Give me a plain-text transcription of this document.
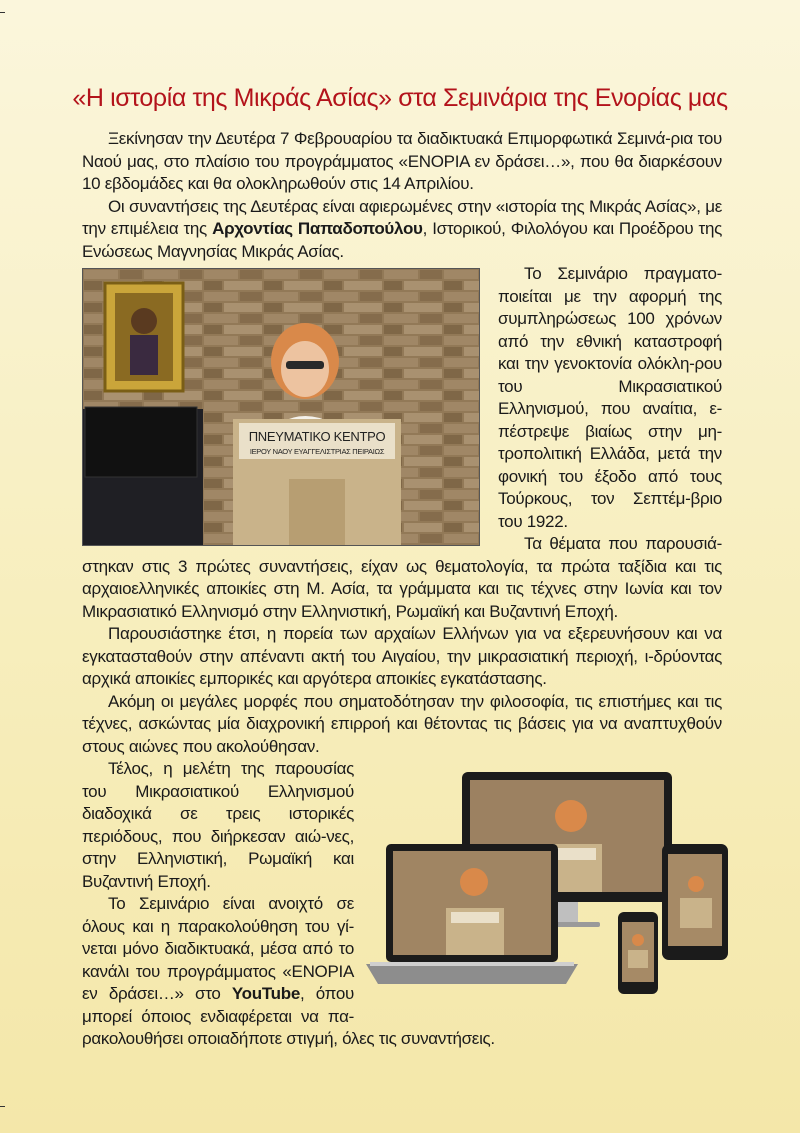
«Η ιστορία της Μικράς Ασίας» στα Σεμινάρια της Ενορίας μας

Ξεκίνησαν την Δευτέρα 7 Φεβρουαρίου τα διαδικτυακά Επιμορφωτικά Σεμινά-ρια του Ναού μας, στο πλαίσιο του προγράμματος «ΕΝΟΡΙΑ εν δράσει…», που θα διαρκέσουν 10 εβδομάδες και θα ολοκληρωθούν στις 14 Απριλίου.

Οι συναντήσεις της Δευτέρας είναι αφιερωμένες στην «ιστορία της Μικράς Ασίας», με την επιμέλεια της Αρχοντίας Παπαδοπούλου, Ιστορικού, Φιλολόγου και Προέδρου της Ενώσεως Μαγνησίας Μικράς Ασίας.

ΠΝΕΥΜΑΤΙΚΟ ΚΕΝΤΡΟ
ΙΕΡΟΥ ΝΑΟΥ ΕΥΑΓΓΕΛΙΣΤΡΙΑΣ ΠΕΙΡΑΙΩΣ

Το Σεμινάριο πραγματο-ποιείται με την αφορμή της συμπληρώσεως 100 χρόνων από την εθνική καταστροφή και την γενοκτονία ολόκλη-ρου του Μικρασιατικού Ελληνισμού, που αναίτια, ε-πέστρεψε βιαίως στην μη-τροπολιτική Ελλάδα, μετά την φονική του έξοδο από τους Τούρκους, τον Σεπτέμ-βριο του 1922.

Τα θέματα που παρουσιά-στηκαν στις 3 πρώτες συναντήσεις, είχαν ως θεματολογία, τα πρώτα ταξίδια και τις αρχαιοελληνικές αποικίες στη Μ. Ασία, τα γράμματα και τις τέχνες στην Ιωνία και τον Μικρασιατικό Ελληνισμό στην Ελληνιστική, Ρωμαϊκή και Βυζαντινή Εποχή.

Παρουσιάστηκε έτσι, η πορεία των αρχαίων Ελλήνων για να εξερευνήσουν και να εγκατασταθούν στην απέναντι ακτή του Αιγαίου, την μικρασιατική περιοχή, ι-δρύοντας αρχικά αποικίες εμπορικές και αργότερα αποικίες εγκατάστασης.

Ακόμη οι μεγάλες μορφές που σηματοδότησαν την φιλοσοφία, τις επιστήμες και τις τέχνες, ασκώντας μία διαχρονική επιρροή και θέτοντας τις βάσεις για να αναπτυχθούν στους αιώνες που ακολούθησαν.

Τέλος, η μελέτη της παρουσίας του Μικρασιατικού Ελληνισμού διαδοχικά σε τρεις ιστορικές περιόδους, που διήρκεσαν αιώ-νες, στην Ελληνιστική, Ρωμαϊκή και Βυζαντινή Εποχή.

Το Σεμινάριο είναι ανοιχτό σε όλους και η παρακολούθηση του γί-νεται μόνο διαδικτυακά, μέσα από το κανάλι του προγράμματος «ΕΝΟΡΙΑ εν δράσει…» στο YouTube, όπου μπορεί όποιος ενδιαφέρεται να πα-ρακολουθήσει οποιαδήποτε στιγμή, όλες τις συναντήσεις.
